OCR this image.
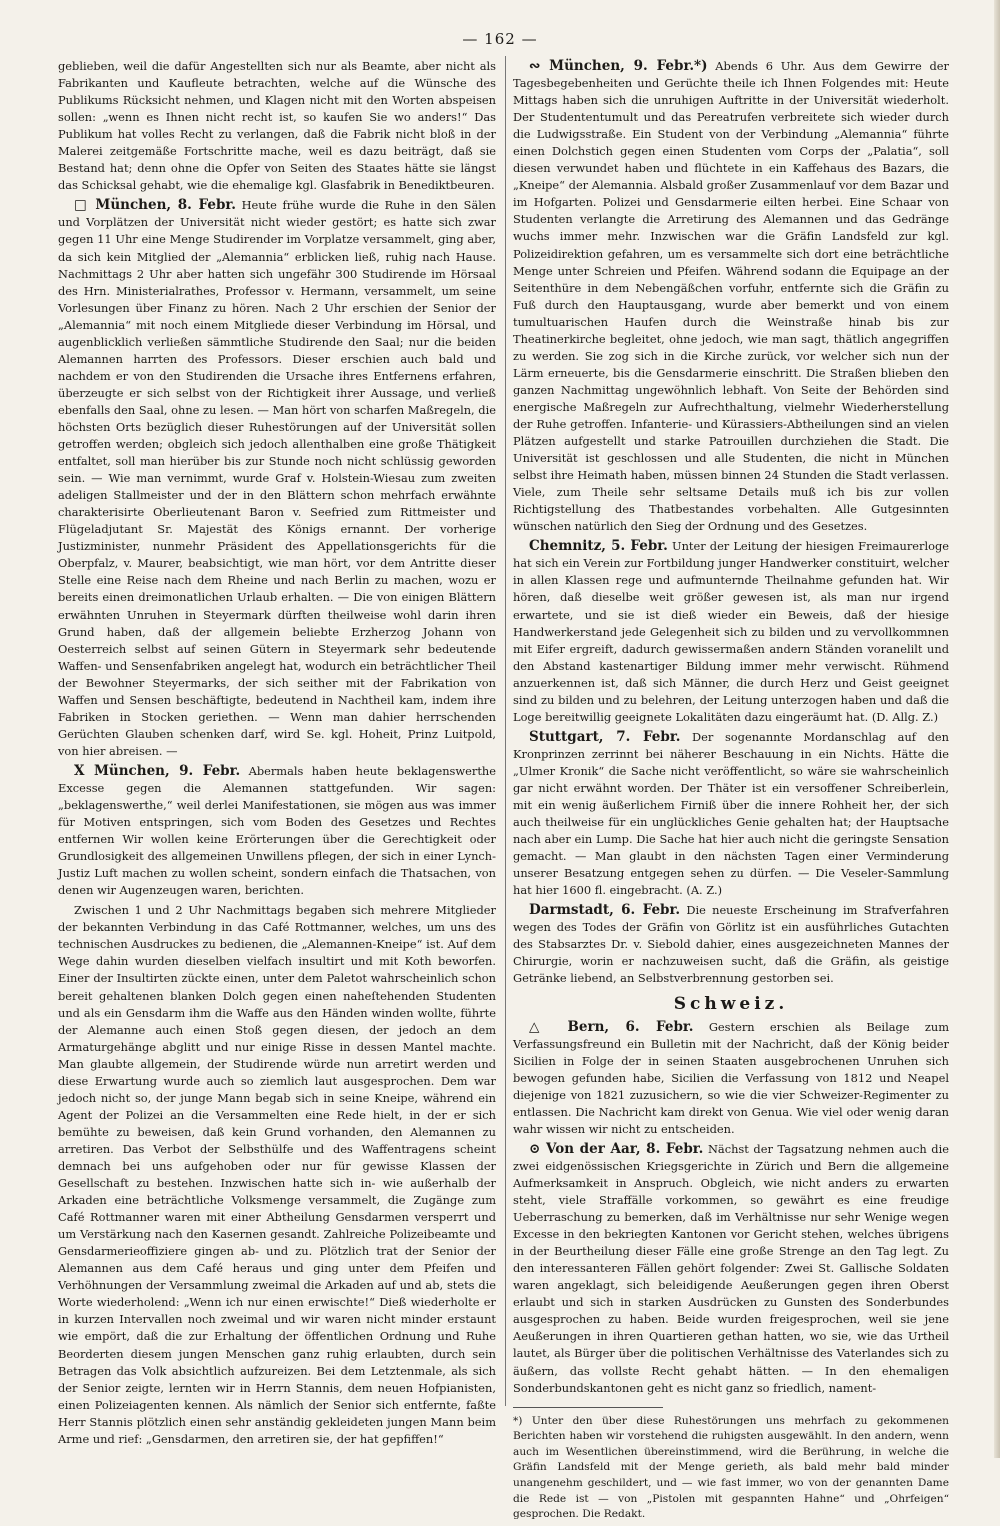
— 162 —

geblieben, weil die dafür Angestellten sich nur als Beamte, aber nicht als Fabrikanten und Kaufleute betrachten, welche auf die Wünsche des Publikums Rücksicht nehmen, und Klagen nicht mit den Worten abspeisen sollen: „wenn es Ihnen nicht recht ist, so kaufen Sie wo anders!“ Das Publikum hat volles Recht zu verlangen, daß die Fabrik nicht bloß in der Malerei zeitgemäße Fortschritte mache, weil es dazu beiträgt, daß sie Bestand hat; denn ohne die Opfer von Seiten des Staates hätte sie längst das Schicksal gehabt, wie die ehemalige kgl. Glasfabrik in Benediktbeuren.

□ München, 8. Febr. Heute frühe wurde die Ruhe in den Sälen und Vorplätzen der Universität nicht wieder gestört; es hatte sich zwar gegen 11 Uhr eine Menge Studirender im Vorplatze versammelt, ging aber, da sich kein Mitglied der „Alemannia“ erblicken ließ, ruhig nach Hause. Nachmittags 2 Uhr aber hatten sich ungefähr 300 Studirende im Hörsaal des Hrn. Ministerialrathes, Professor v. Hermann, versammelt, um seine Vorlesungen über Finanz zu hören. Nach 2 Uhr erschien der Senior der „Alemannia“ mit noch einem Mitgliede dieser Verbindung im Hörsal, und augenblicklich verließen sämmtliche Studirende den Saal; nur die beiden Alemannen harrten des Professors. Dieser erschien auch bald und nachdem er von den Studirenden die Ursache ihres Entfernens erfahren, überzeugte er sich selbst von der Richtigkeit ihrer Aussage, und verließ ebenfalls den Saal, ohne zu lesen. — Man hört von scharfen Maßregeln, die höchsten Orts bezüglich dieser Ruhestörungen auf der Universität sollen getroffen werden; obgleich sich jedoch allenthalben eine große Thätigkeit entfaltet, soll man hierüber bis zur Stunde noch nicht schlüssig geworden sein. — Wie man vernimmt, wurde Graf v. Holstein-Wiesau zum zweiten adeligen Stallmeister und der in den Blättern schon mehrfach erwähnte charakterisirte Oberlieutenant Baron v. Seefried zum Rittmeister und Flügeladjutant Sr. Majestät des Königs ernannt. Der vorherige Justizminister, nunmehr Präsident des Appellationsgerichts für die Oberpfalz, v. Maurer, beabsichtigt, wie man hört, vor dem Antritte dieser Stelle eine Reise nach dem Rheine und nach Berlin zu machen, wozu er bereits einen dreimonatlichen Urlaub erhalten. — Die von einigen Blättern erwähnten Unruhen in Steyermark dürften theilweise wohl darin ihren Grund haben, daß der allgemein beliebte Erzherzog Johann von Oesterreich selbst auf seinen Gütern in Steyermark sehr bedeutende Waffen- und Sensenfabriken angelegt hat, wodurch ein beträchtlicher Theil der Bewohner Steyermarks, der sich seither mit der Fabrikation von Waffen und Sensen beschäftigte, bedeutend in Nachtheil kam, indem ihre Fabriken in Stocken geriethen. — Wenn man dahier herrschenden Gerüchten Glauben schenken darf, wird Se. kgl. Hoheit, Prinz Luitpold, von hier abreisen. —

X München, 9. Febr. Abermals haben heute beklagenswerthe Excesse gegen die Alemannen stattgefunden. Wir sagen: „beklagenswerthe,“ weil derlei Manifestationen, sie mögen aus was immer für Motiven entspringen, sich vom Boden des Gesetzes und Rechtes entfernen Wir wollen keine Erörterungen über die Gerechtigkeit oder Grundlosigkeit des allgemeinen Unwillens pflegen, der sich in einer Lynch-Justiz Luft machen zu wollen scheint, sondern einfach die Thatsachen, von denen wir Augenzeugen waren, berichten.

Zwischen 1 und 2 Uhr Nachmittags begaben sich mehrere Mitglieder der bekannten Verbindung in das Café Rottmanner, welches, um uns des technischen Ausdruckes zu bedienen, die „Alemannen-Kneipe“ ist. Auf dem Wege dahin wurden dieselben vielfach insultirt und mit Koth beworfen. Einer der Insultirten zückte einen, unter dem Paletot wahrscheinlich schon bereit gehaltenen blanken Dolch gegen einen naheſtehenden Studenten und als ein Gensdarm ihm die Waffe aus den Händen winden wollte, führte der Alemanne auch einen Stoß gegen diesen, der jedoch an dem Armaturgehänge abglitt und nur einige Risse in dessen Mantel machte. Man glaubte allgemein, der Studirende würde nun arretirt werden und diese Erwartung wurde auch so ziemlich laut ausgesprochen. Dem war jedoch nicht so, der junge Mann begab sich in seine Kneipe, während ein Agent der Polizei an die Versammelten eine Rede hielt, in der er sich bemühte zu beweisen, daß kein Grund vorhanden, den Alemannen zu arretiren. Das Verbot der Selbsthülfe und des Waffentragens scheint demnach bei uns aufgehoben oder nur für gewisse Klassen der Gesellschaft zu bestehen. Inzwischen hatte sich in- wie außerhalb der Arkaden eine beträchtliche Volksmenge versammelt, die Zugänge zum Café Rottmanner waren mit einer Abtheilung Gensdarmen versperrt und um Verstärkung nach den Kasernen gesandt. Zahlreiche Polizeibeamte und Gensdarmerieoffiziere gingen ab- und zu. Plötzlich trat der Senior der Alemannen aus dem Café heraus und ging unter dem Pfeifen und Verhöhnungen der Versammlung zweimal die Arkaden auf und ab, stets die Worte wiederholend: „Wenn ich nur einen erwischte!“ Dieß wiederholte er in kurzen Intervallen noch zweimal und wir waren nicht minder erstaunt wie empört, daß die zur Erhaltung der öffentlichen Ordnung und Ruhe Beorderten diesem jungen Menschen ganz ruhig erlaubten, durch sein Betragen das Volk absichtlich aufzureizen. Bei dem Letztenmale, als sich der Senior zeigte, lernten wir in Herrn Stannis, dem neuen Hofpianisten, einen Polizeiagenten kennen. Als nämlich der Senior sich entfernte, faßte Herr Stannis plötzlich einen sehr anständig gekleideten jungen Mann beim Arme und rief: „Gensdarmen, den arretiren sie, der hat gepfiffen!“

∾ München, 9. Febr.*) Abends 6 Uhr. Aus dem Gewirre der Tagesbegebenheiten und Gerüchte theile ich Ihnen Folgendes mit: Heute Mittags haben sich die unruhigen Auftritte in der Universität wiederholt. Der Studententumult und das Pereatrufen verbreitete sich wieder durch die Ludwigsstraße. Ein Student von der Verbindung „Alemannia“ führte einen Dolchstich gegen einen Studenten vom Corps der „Palatia“, soll diesen verwundet haben und flüchtete in ein Kaffehaus des Bazars, die „Kneipe“ der Alemannia. Alsbald großer Zusammenlauf vor dem Bazar und im Hofgarten. Polizei und Gensdarmerie eilten herbei. Eine Schaar von Studenten verlangte die Arretirung des Alemannen und das Gedränge wuchs immer mehr. Inzwischen war die Gräfin Landsfeld zur kgl. Polizeidirektion gefahren, um es versammelte sich dort eine beträchtliche Menge unter Schreien und Pfeifen. Während sodann die Equipage an der Seitenthüre in dem Nebengäßchen vorfuhr, entfernte sich die Gräfin zu Fuß durch den Hauptausgang, wurde aber bemerkt und von einem tumultuarischen Haufen durch die Weinstraße hinab bis zur Theatinerkirche begleitet, ohne jedoch, wie man sagt, thätlich angegriffen zu werden. Sie zog sich in die Kirche zurück, vor welcher sich nun der Lärm erneuerte, bis die Gensdarmerie einschritt. Die Straßen blieben den ganzen Nachmittag ungewöhnlich lebhaft. Von Seite der Behörden sind energische Maßregeln zur Aufrechthaltung, vielmehr Wiederherstellung der Ruhe getroffen. Infanterie- und Kürassiers-Abtheilungen sind an vielen Plätzen aufgestellt und starke Patrouillen durchziehen die Stadt. Die Universität ist geschlossen und alle Studenten, die nicht in München selbst ihre Heimath haben, müssen binnen 24 Stunden die Stadt verlassen. Viele, zum Theile sehr seltsame Details muß ich bis zur vollen Richtigstellung des Thatbestandes vorbehalten. Alle Gutgesinnten wünschen natürlich den Sieg der Ordnung und des Gesetzes.

Chemnitz, 5. Febr. Unter der Leitung der hiesigen Freimaurerloge hat sich ein Verein zur Fortbildung junger Handwerker constituirt, welcher in allen Klassen rege und aufmunternde Theilnahme gefunden hat. Wir hören, daß dieselbe weit größer gewesen ist, als man nur irgend erwartete, und sie ist dieß wieder ein Beweis, daß der hiesige Handwerkerstand jede Gelegenheit sich zu bilden und zu vervollkommnen mit Eifer ergreift, dadurch gewissermaßen andern Ständen voranelilt und den Abstand kastenartiger Bildung immer mehr verwischt. Rühmend anzuerkennen ist, daß sich Männer, die durch Herz und Geist geeignet sind zu bilden und zu belehren, der Leitung unterzogen haben und daß die Loge bereitwillig geeignete Lokalitäten dazu eingeräumt hat. (D. Allg. Z.)

Stuttgart, 7. Febr. Der sogenannte Mordanschlag auf den Kronprinzen zerrinnt bei näherer Beschauung in ein Nichts. Hätte die „Ulmer Kronik“ die Sache nicht veröffentlicht, so wäre sie wahrscheinlich gar nicht erwähnt worden. Der Thäter ist ein versoffener Schreiberlein, mit ein wenig äußerlichem Firniß über die innere Rohheit her, der sich auch theilweise für ein unglückliches Genie gehalten hat; der Hauptsache nach aber ein Lump. Die Sache hat hier auch nicht die geringste Sensation gemacht. — Man glaubt in den nächsten Tagen einer Verminderung unserer Besatzung entgegen sehen zu dürfen. — Die Veseler-Sammlung hat hier 1600 fl. eingebracht. (A. Z.)

Darmstadt, 6. Febr. Die neueste Erscheinung im Strafverfahren wegen des Todes der Gräfin von Görlitz ist ein ausführliches Gutachten des Stabsarztes Dr. v. Siebold dahier, eines ausgezeichneten Mannes der Chirurgie, worin er nachzuweisen sucht, daß die Gräfin, als geistige Getränke liebend, an Selbstverbrennung gestorben sei.

Schweiz.

△ Bern, 6. Febr. Gestern erschien als Beilage zum Verfassungsfreund ein Bulletin mit der Nachricht, daß der König beider Sicilien in Folge der in seinen Staaten ausgebrochenen Unruhen sich bewogen gefunden habe, Sicilien die Verfassung von 1812 und Neapel diejenige von 1821 zuzusichern, so wie die vier Schweizer-Regimenter zu entlassen. Die Nachricht kam direkt von Genua. Wie viel oder wenig daran wahr wissen wir nicht zu entscheiden.

⊙ Von der Aar, 8. Febr. Nächst der Tagsatzung nehmen auch die zwei eidgenössischen Kriegsgerichte in Zürich und Bern die allgemeine Aufmerksamkeit in Anspruch. Obgleich, wie nicht anders zu erwarten steht, viele Straffälle vorkommen, so gewährt es eine freudige Ueberraschung zu bemerken, daß im Verhältnisse nur sehr Wenige wegen Excesse in den bekriegten Kantonen vor Gericht stehen, welches übrigens in der Beurtheilung dieser Fälle eine große Strenge an den Tag legt. Zu den interessanteren Fällen gehört folgender: Zwei St. Gallische Soldaten waren angeklagt, sich beleidigende Aeußerungen gegen ihren Oberst erlaubt und sich in starken Ausdrücken zu Gunsten des Sonderbundes ausgesprochen zu haben. Beide wurden freigesprochen, weil sie jene Aeußerungen in ihren Quartieren gethan hatten, wo sie, wie das Urtheil lautet, als Bürger über die politischen Verhältnisse des Vaterlandes sich zu äußern, das vollste Recht gehabt hätten. — In den ehemaligen Sonderbundskantonen geht es nicht ganz so friedlich, nament-

*) Unter den über diese Ruhestörungen uns mehrfach zu gekommenen Berichten haben wir vorstehend die ruhigsten ausgewählt. In den andern, wenn auch im Wesentlichen übereinstimmend, wird die Berührung, in welche die Gräfin Landsfeld mit der Menge gerieth, als bald mehr bald minder unangenehm geschildert, und — wie fast immer, wo von der genannten Dame die Rede ist — von „Pistolen mit gespannten Hahne“ und „Ohrfeigen“ gesprochen. Die Redakt.
